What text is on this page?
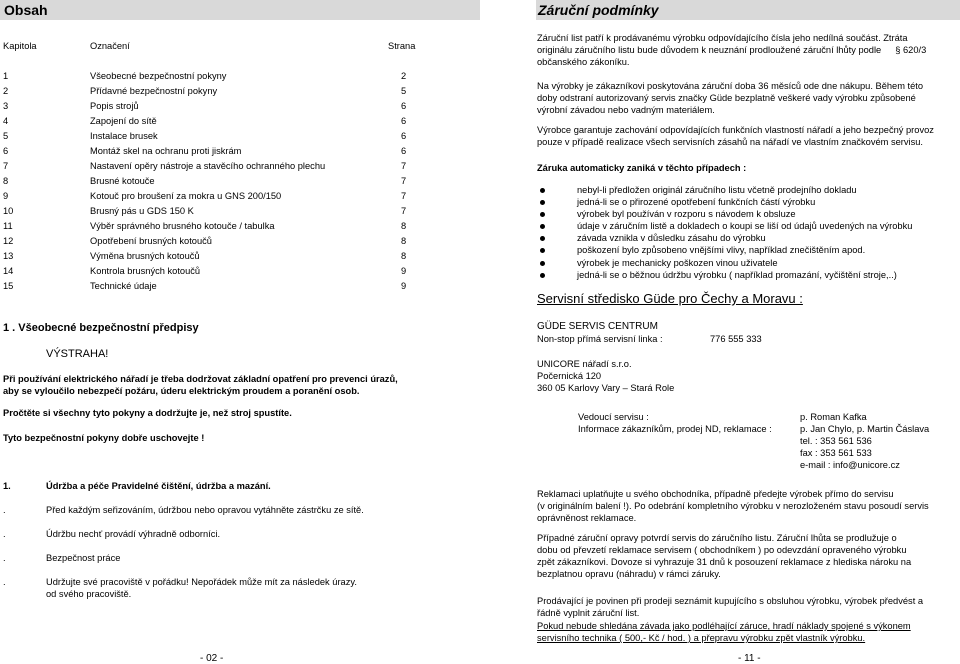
Obsah
Kapitola	Označení	Strana
1	Všeobecné bezpečnostní pokyny	2
2	Přídavné bezpečnostní pokyny	5
3	Popis strojů	6
4	Zapojení do sítě	6
5	Instalace brusek	6
6	Montáž skel na ochranu proti jiskrám	6
7	Nastavení opěry nástroje a stavěcího ochranného plechu	7
8	Brusné kotouče	7
9	Kotouč pro broušení za mokra u GNS 200/150	7
10	Brusný pás u GDS 150 K	7
11	Výběr správného brusného kotouče / tabulka	8
12	Opotřebení brusných kotoučů	8
13	Výměna brusných kotoučů	8
14	Kontrola brusných kotoučů	9
15	Technické údaje	9
1 . Všeobecné bezpečnostní předpisy
VÝSTRAHA!
Při používání elektrického nářadí je třeba dodržovat základní opatření pro prevenci úrazů,
aby se vyloučilo nebezpečí požáru, úderu elektrickým proudem a poranění osob.
Pročtěte si všechny tyto pokyny a dodržujte je, než stroj spustíte.
Tyto bezpečnostní pokyny dobře uschovejte !
1.	Údržba a péče Pravidelné čištění, údržba a mazání.
.	Před každým seřizováním, údržbou nebo opravou vytáhněte zástrčku ze sítě.
.	Údržbu nechť provádí výhradně odborníci.
.	Bezpečnost práce
.	Udržujte své pracoviště v pořádku! Nepořádek může mít za následek úrazy.
od svého pracoviště.
- 02 -
Záruční podmínky
Záruční list patří k prodávanému výrobku odpovídajícího čísla jeho nedílná součást. Ztráta
originálu záručního listu bude důvodem k neuznání prodloužené záruční lhůty podle § 620/3
občanského zákoníku.
Na výrobky je zákazníkovi poskytována záruční doba 36 měsíců ode dne nákupu. Během této
doby odstraní autorizovaný servis značky Güde bezplatně veškeré vady výrobku způsobené
výrobní závadou nebo vadným materiálem.
Výrobce garantuje zachování odpovídajících funkčních vlastností nářadí a jeho bezpečný provoz
pouze v případě realizace všech servisních zásahů na nářadí ve vlastním značkovém servisu.
Záruka automaticky zaniká v těchto případech :
nebyl-li předložen originál záručního listu včetně prodejního dokladu
jedná-li se o přirozené opotřebení funkčních částí výrobku
výrobek byl používán v rozporu s návodem k obsluze
údaje v záručním listě a dokladech o koupi se liší od údajů uvedených na výrobku
závada vznikla v důsledku zásahu do výrobku
poškození bylo způsobeno vnějšími vlivy, například znečištěním apod.
výrobek je mechanicky poškozen vinou uživatele
jedná-li se o běžnou údržbu výrobku ( například promazání, vyčištění stroje,..)
Servisní středisko Güde pro Čechy a Moravu :
GÜDE SERVIS CENTRUM
Non-stop přímá servisní linka :	776 555 333
UNICORE nářadí s.r.o.
Počernická 120
360 05 Karlovy Vary – Stará Role
Vedoucí servisu :	p. Roman Kafka
Informace zákazníkům, prodej ND, reklamace :	p. Jan Chylo, p. Martin Čáslava
tel. : 353 561 536
fax : 353 561 533
e-mail : info@unicore.cz
Reklamaci uplatňujte u svého obchodníka, případně předejte výrobek přímo do servisu
(v originálním balení !). Po odebrání kompletního výrobku v nerozloženém stavu posoudí servis
oprávněnost reklamace.
Případné záruční opravy potvrdí servis do záručního listu. Záruční lhůta se prodlužuje o
dobu od převzetí reklamace servisem ( obchodníkem ) po odevzdání opraveného výrobku
zpět zákazníkovi. Dovoze si vyhrazuje 31 dnů k posouzení reklamace z hlediska nároku na
bezplatnou opravu (náhradu) v rámci záruky.
Prodávající je povinen při prodeji seznámit kupujícího s obsluhou výrobku, výrobek předvést a
řádně vyplnit záruční list.
Pokud nebude shledána závada jako podléhající záruce, hradí náklady spojené s výkonem
servisního technika ( 500,- Kč / hod. ) a přepravu výrobku zpět vlastník výrobku.
- 11 -
